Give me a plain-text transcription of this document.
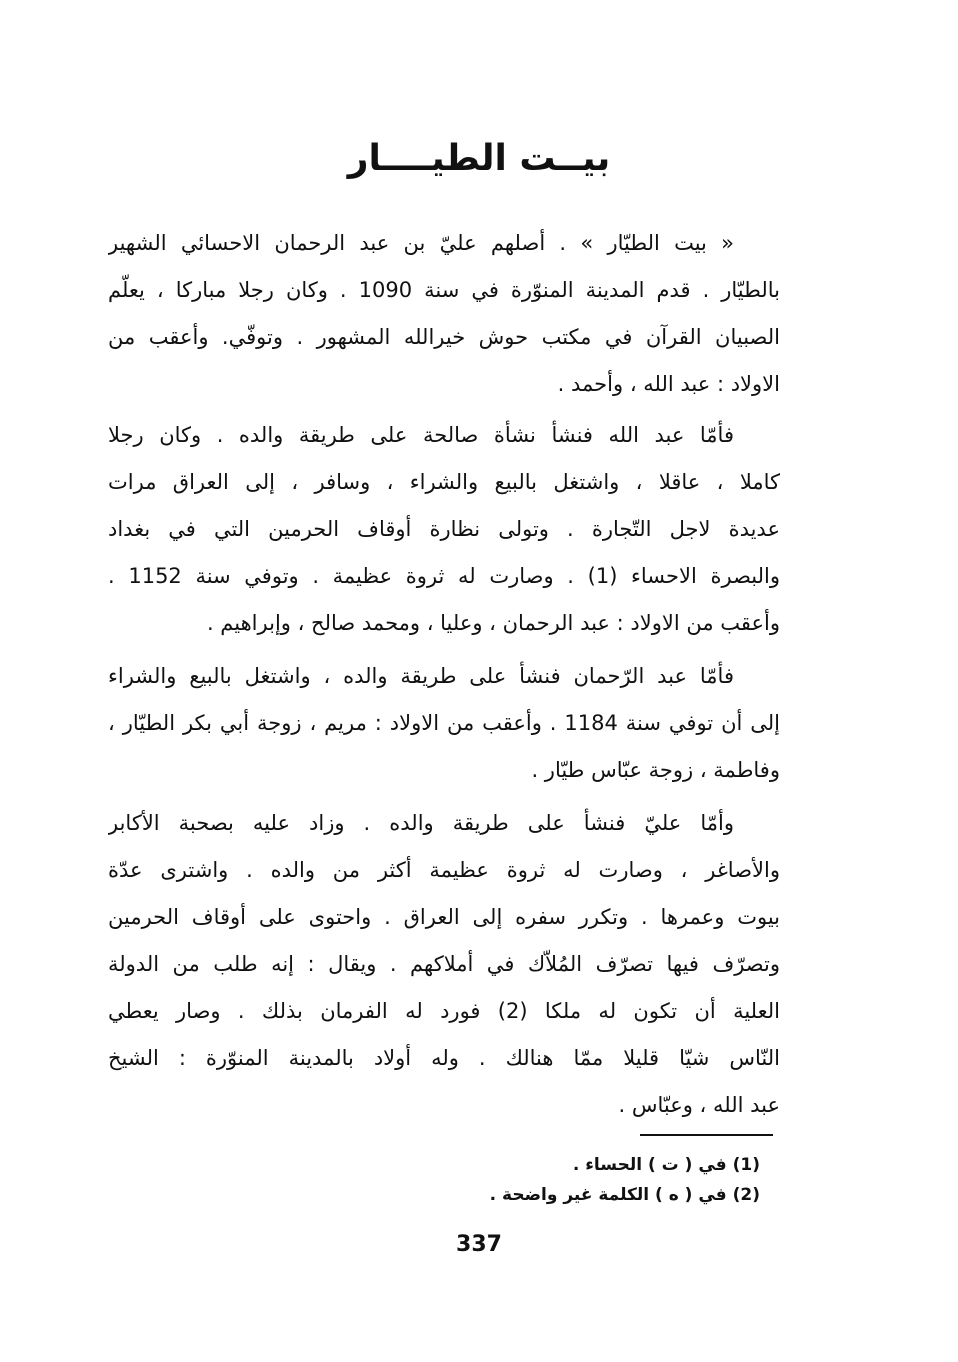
بيــت الطيــــار
« بيت الطيّار » . أصلهم عليّ بن عبد الرحمان الاحسائي الشهير
بالطيّار . قدم المدينة المنوّرة في سنة 1090 . وكان رجلا مباركا ، يعلّم
الصبيان القرآن في مكتب حوش خيرالله المشهور . وتوفّي. وأعقب من
الاولاد : عبد الله ، وأحمد .
فأمّا عبد الله فنشأ نشأة صالحة على طريقة والده . وكان رجلا
كاملا ، عاقلا ، واشتغل بالبيع والشراء ، وسافر ، إلى العراق مرات
عديدة لاجل التّجارة . وتولى نظارة أوقاف الحرمين التي في بغداد
والبصرة الاحساء (1) . وصارت له ثروة عظيمة . وتوفي سنة 1152 .
وأعقب من الاولاد : عبد الرحمان ، وعليا ، ومحمد صالح ، وإبراهيم .
فأمّا عبد الرّحمان فنشأ على طريقة والده ، واشتغل بالبيع والشراء
إلى أن توفي سنة 1184 . وأعقب من الاولاد : مريم ، زوجة أبي بكر الطيّار ،
وفاطمة ، زوجة عبّاس طيّار .
وأمّا عليّ فنشأ على طريقة والده . وزاد عليه بصحبة الأكابر
والأصاغر ، وصارت له ثروة عظيمة أكثر من والده . واشترى عدّة
بيوت وعمرها . وتكرر سفره إلى العراق . واحتوى على أوقاف الحرمين
وتصرّف فيها تصرّف المُلاّك في أملاكهم . ويقال : إنه طلب من الدولة
العلية أن تكون له ملكا (2) فورد له الفرمان بذلك . وصار يعطي
النّاس شيّا قليلا ممّا هنالك . وله أولاد بالمدينة المنوّرة : الشيخ
عبد الله ، وعبّاس .
(1) في ( ت ) الحساء .
(2) في ( ه ) الكلمة غير واضحة .
337
